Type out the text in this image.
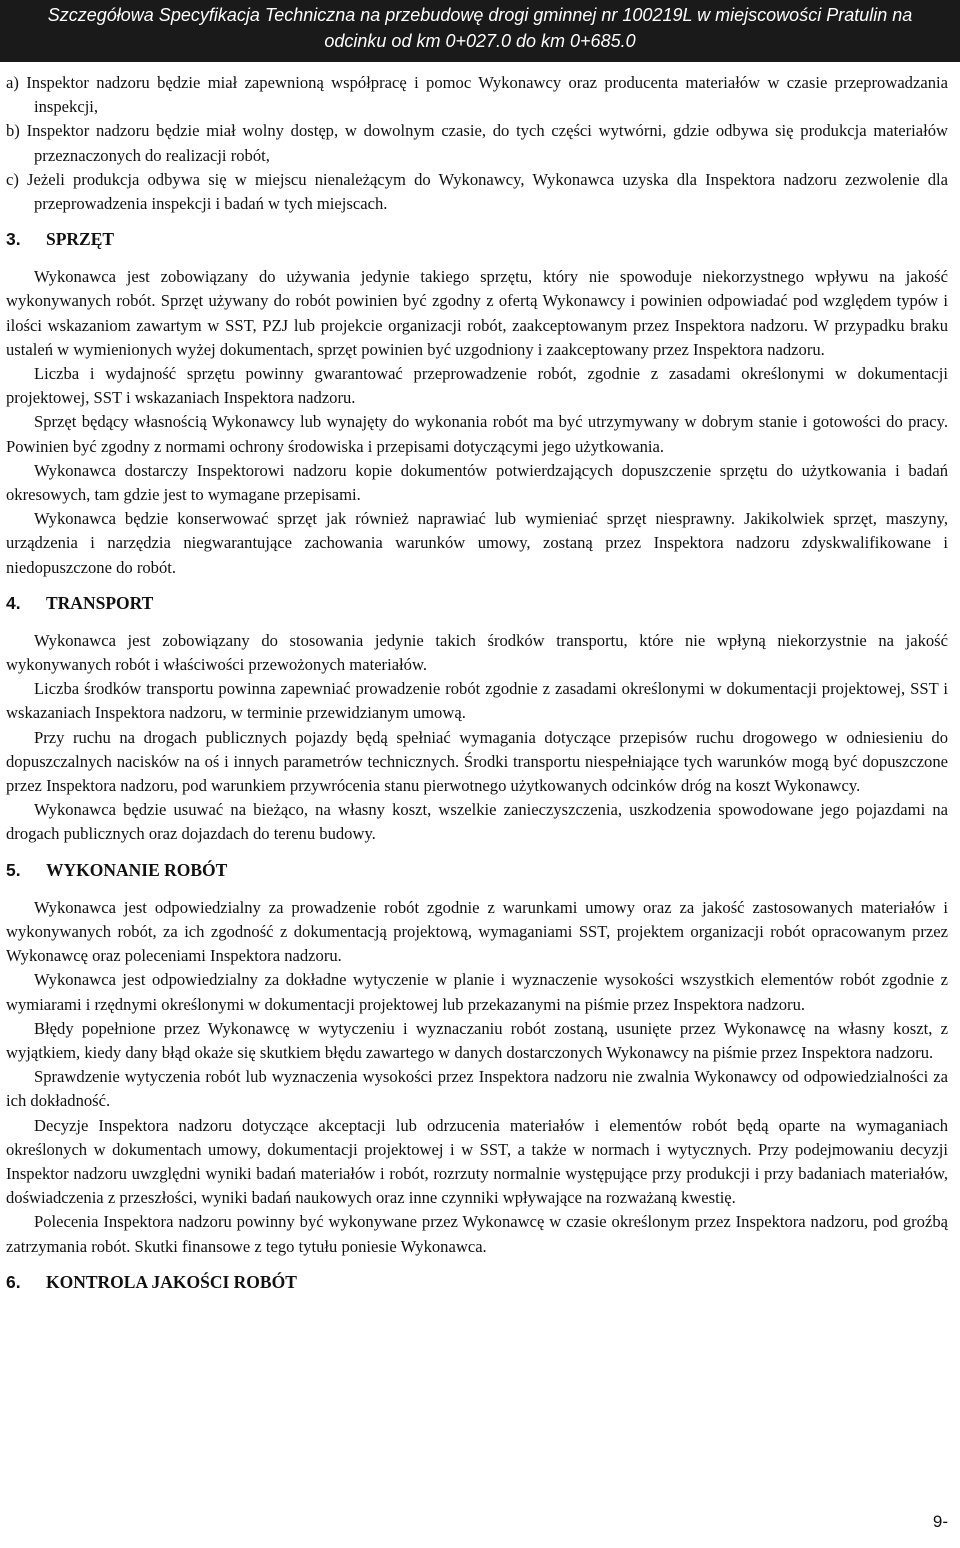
Szczegółowa Specyfikacja Techniczna na przebudowę drogi gminnej nr 100219L w miejscowości Pratulin na
odcinku od km 0+027.0 do km 0+685.0

a) Inspektor nadzoru będzie miał zapewnioną współpracę i pomoc Wykonawcy oraz producenta materiałów w czasie przeprowadzania inspekcji,

b) Inspektor nadzoru będzie miał wolny dostęp, w dowolnym czasie, do tych części wytwórni, gdzie odbywa się produkcja materiałów przeznaczonych do realizacji robót,

c) Jeżeli produkcja odbywa się w miejscu nienależącym do Wykonawcy, Wykonawca uzyska dla Inspektora nadzoru zezwolenie dla przeprowadzenia inspekcji i badań w tych miejscach.

3. SPRZĘT

Wykonawca jest zobowiązany do używania jedynie takiego sprzętu, który nie spowoduje niekorzystnego wpływu na jakość wykonywanych robót. Sprzęt używany do robót powinien być zgodny z ofertą Wykonawcy i powinien odpowiadać pod względem typów i ilości wskazaniom zawartym w SST, PZJ lub projekcie organizacji robót, zaakceptowanym przez Inspektora nadzoru. W przypadku braku ustaleń w wymienionych wyżej dokumentach, sprzęt powinien być uzgodniony i zaakceptowany przez Inspektora nadzoru.

Liczba i wydajność sprzętu powinny gwarantować przeprowadzenie robót, zgodnie z zasadami określonymi w dokumentacji projektowej, SST i wskazaniach Inspektora nadzoru.

Sprzęt będący własnością Wykonawcy lub wynajęty do wykonania robót ma być utrzymywany w dobrym stanie i gotowości do pracy. Powinien być zgodny z normami ochrony środowiska i przepisami dotyczącymi jego użytkowania.

Wykonawca dostarczy Inspektorowi nadzoru kopie dokumentów potwierdzających dopuszczenie sprzętu do użytkowania i badań okresowych, tam gdzie jest to wymagane przepisami.

Wykonawca będzie konserwować sprzęt jak również naprawiać lub wymieniać sprzęt niesprawny. Jakikolwiek sprzęt, maszyny, urządzenia i narzędzia niegwarantujące zachowania warunków umowy, zostaną przez Inspektora nadzoru zdyskwalifikowane i niedopuszczone do robót.

4. TRANSPORT

Wykonawca jest zobowiązany do stosowania jedynie takich środków transportu, które nie wpłyną niekorzystnie na jakość wykonywanych robót i właściwości przewożonych materiałów.

Liczba środków transportu powinna zapewniać prowadzenie robót zgodnie z zasadami określonymi w dokumentacji projektowej, SST i wskazaniach Inspektora nadzoru, w terminie przewidzianym umową.

Przy ruchu na drogach publicznych pojazdy będą spełniać wymagania dotyczące przepisów ruchu drogowego w odniesieniu do dopuszczalnych nacisków na oś i innych parametrów technicznych. Środki transportu niespełniające tych warunków mogą być dopuszczone przez Inspektora nadzoru, pod warunkiem przywrócenia stanu pierwotnego użytkowanych odcinków dróg na koszt Wykonawcy.

Wykonawca będzie usuwać na bieżąco, na własny koszt, wszelkie zanieczyszczenia, uszkodzenia spowodowane jego pojazdami na drogach publicznych oraz dojazdach do terenu budowy.

5. WYKONANIE ROBÓT

Wykonawca jest odpowiedzialny za prowadzenie robót zgodnie z warunkami umowy oraz za jakość zastosowanych materiałów i wykonywanych robót, za ich zgodność z dokumentacją projektową, wymaganiami SST, projektem organizacji robót opracowanym przez Wykonawcę oraz poleceniami Inspektora nadzoru.

Wykonawca jest odpowiedzialny za dokładne wytyczenie w planie i wyznaczenie wysokości wszystkich elementów robót zgodnie z wymiarami i rzędnymi określonymi w dokumentacji projektowej lub przekazanymi na piśmie przez Inspektora nadzoru.

Błędy popełnione przez Wykonawcę w wytyczeniu i wyznaczaniu robót zostaną, usunięte przez Wykonawcę na własny koszt, z wyjątkiem, kiedy dany błąd okaże się skutkiem błędu zawartego w danych dostarczonych Wykonawcy na piśmie przez Inspektora nadzoru.

Sprawdzenie wytyczenia robót lub wyznaczenia wysokości przez Inspektora nadzoru nie zwalnia Wykonawcy od odpowiedzialności za ich dokładność.

Decyzje Inspektora nadzoru dotyczące akceptacji lub odrzucenia materiałów i elementów robót będą oparte na wymaganiach określonych w dokumentach umowy, dokumentacji projektowej i w SST, a także w normach i wytycznych. Przy podejmowaniu decyzji Inspektor nadzoru uwzględni wyniki badań materiałów i robót, rozrzuty normalnie występujące przy produkcji i przy badaniach materiałów, doświadczenia z przeszłości, wyniki badań naukowych oraz inne czynniki wpływające na rozważaną kwestię.

Polecenia Inspektora nadzoru powinny być wykonywane przez Wykonawcę w czasie określonym przez Inspektora nadzoru, pod groźbą zatrzymania robót. Skutki finansowe z tego tytułu poniesie Wykonawca.

6. KONTROLA JAKOŚCI ROBÓT
9-
